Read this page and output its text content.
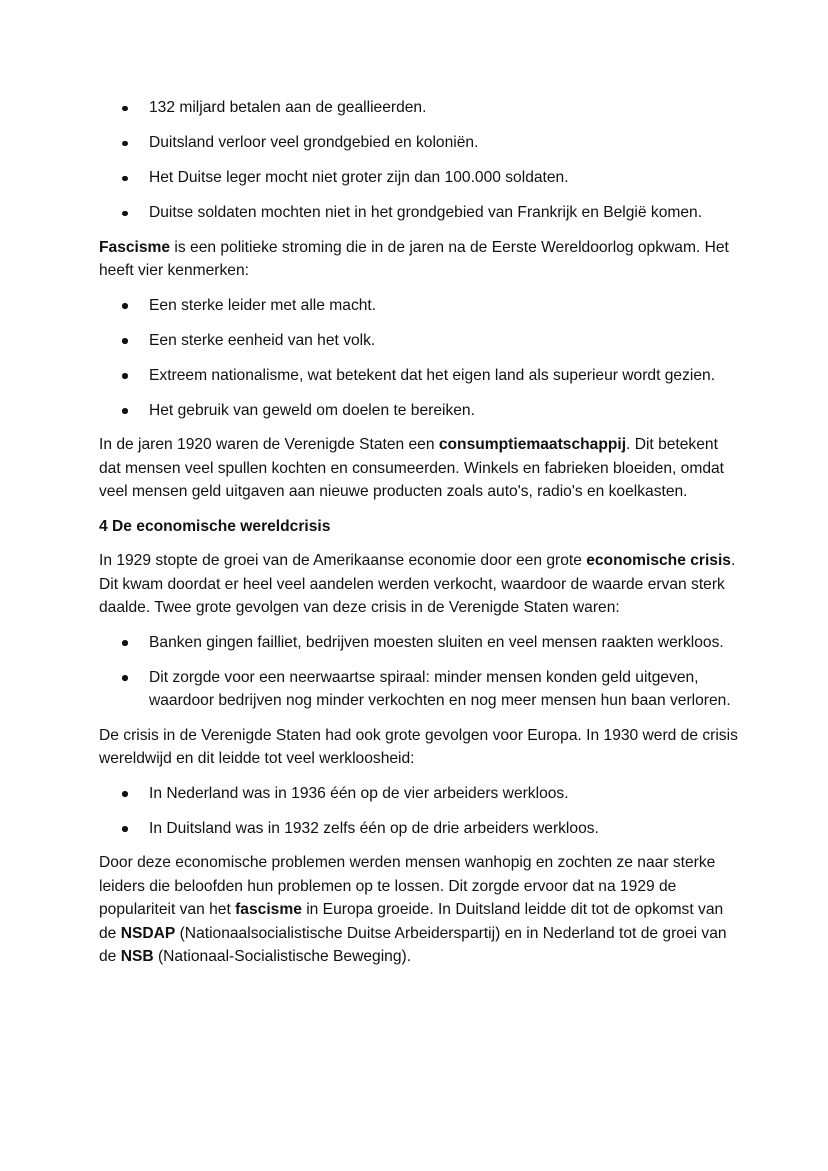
132 miljard betalen aan de geallieerden.
Duitsland verloor veel grondgebied en koloniën.
Het Duitse leger mocht niet groter zijn dan 100.000 soldaten.
Duitse soldaten mochten niet in het grondgebied van Frankrijk en België komen.

Fascisme is een politieke stroming die in de jaren na de Eerste Wereldoorlog opkwam. Het heeft vier kenmerken:

Een sterke leider met alle macht.
Een sterke eenheid van het volk.
Extreem nationalisme, wat betekent dat het eigen land als superieur wordt gezien.
Het gebruik van geweld om doelen te bereiken.

In de jaren 1920 waren de Verenigde Staten een consumptiemaatschappij. Dit betekent dat mensen veel spullen kochten en consumeerden. Winkels en fabrieken bloeiden, omdat veel mensen geld uitgaven aan nieuwe producten zoals auto's, radio's en koelkasten.

4 De economische wereldcrisis

In 1929 stopte de groei van de Amerikaanse economie door een grote economische crisis. Dit kwam doordat er heel veel aandelen werden verkocht, waardoor de waarde ervan sterk daalde. Twee grote gevolgen van deze crisis in de Verenigde Staten waren:

Banken gingen failliet, bedrijven moesten sluiten en veel mensen raakten werkloos.
Dit zorgde voor een neerwaartse spiraal: minder mensen konden geld uitgeven, waardoor bedrijven nog minder verkochten en nog meer mensen hun baan verloren.

De crisis in de Verenigde Staten had ook grote gevolgen voor Europa. In 1930 werd de crisis wereldwijd en dit leidde tot veel werkloosheid:

In Nederland was in 1936 één op de vier arbeiders werkloos.
In Duitsland was in 1932 zelfs één op de drie arbeiders werkloos.

Door deze economische problemen werden mensen wanhopig en zochten ze naar sterke leiders die beloofden hun problemen op te lossen. Dit zorgde ervoor dat na 1929 de populariteit van het fascisme in Europa groeide. In Duitsland leidde dit tot de opkomst van de NSDAP (Nationaalsocialistische Duitse Arbeiderspartij) en in Nederland tot de groei van de NSB (Nationaal-Socialistische Beweging).
